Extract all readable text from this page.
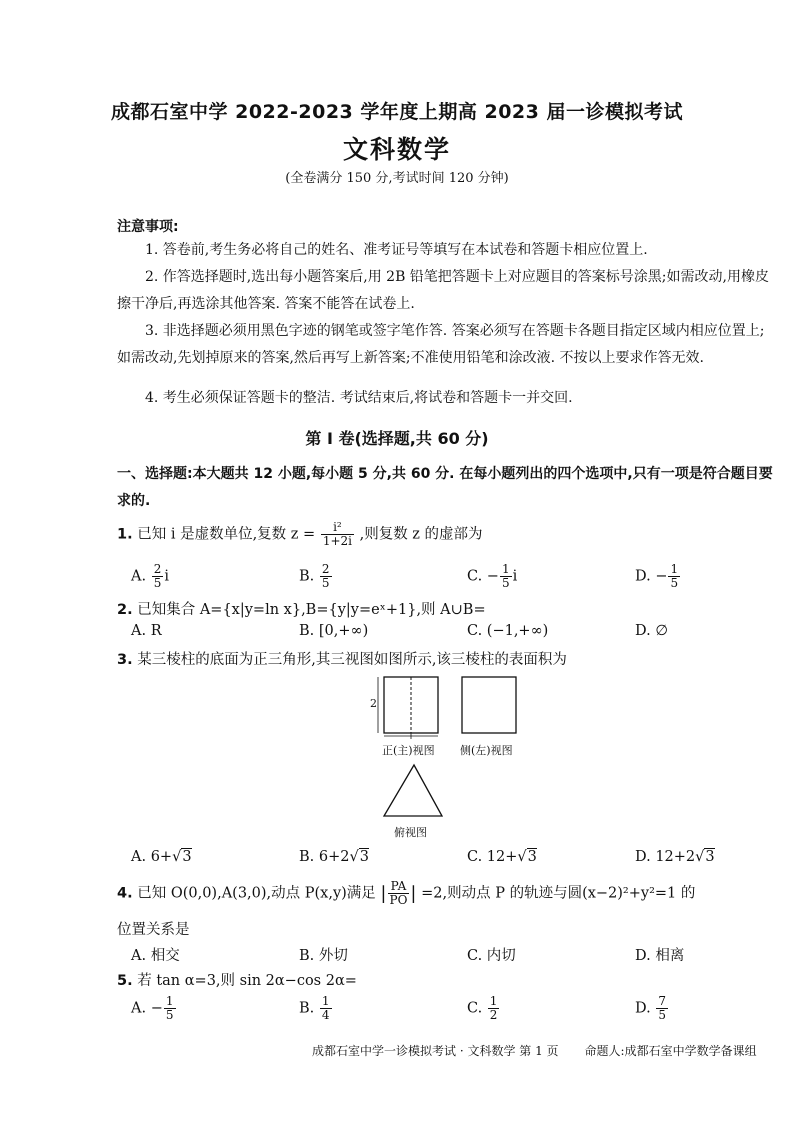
成都石室中学 2022-2023 学年度上期高 2023 届一诊模拟考试
文科数学
(全卷满分 150 分,考试时间 120 分钟)
注意事项:
1. 答卷前,考生务必将自己的姓名、准考证号等填写在本试卷和答题卡相应位置上.
2. 作答选择题时,选出每小题答案后,用 2B 铅笔把答题卡上对应题目的答案标号涂黑;如需改动,用橡皮擦干净后,再选涂其他答案. 答案不能答在试卷上.
3. 非选择题必须用黑色字迹的钢笔或签字笔作答. 答案必须写在答题卡各题目指定区域内相应位置上;如需改动,先划掉原来的答案,然后再写上新答案;不准使用铅笔和涂改液. 不按以上要求作答无效.
4. 考生必须保证答题卡的整洁. 考试结束后,将试卷和答题卡一并交回.
第 I 卷(选择题,共 60 分)
一、选择题:本大题共 12 小题,每小题 5 分,共 60 分. 在每小题列出的四个选项中,只有一项是符合题目要求的.
1. 已知 i 是虚数单位,复数 $z = \frac{\text{i²}}{1+2i}$ ,则复数 z 的虚部为
A. $\frac{2}{5}$ i	B. $\frac{2}{5}$	C. − $\frac{1}{5}$ i	D. − $\frac{1}{5}$
2. 已知集合 A={x|y=ln x},B={y|y=eˣ+1},则 A∪B=
A. R	B. [0,+∞)	C. (−1,+∞)	D. ∅
3. 某三棱柱的底面为正三角形,其三视图如图所示,该三棱柱的表面积为
2
正(主)视图 侧(左)视图
俯视图
A. 6+√3	B. 6+2√3	C. 12+√3	D. 12+2√3
4. 已知 O(0,0),A(3,0),动点 P(x,y)满足 | $\frac{PA}{PO}$ | =2,则动点 P 的轨迹与圆(x−2)²+y²=1 的
位置关系是
A. 相交	B. 外切	C. 内切	D. 相离
5. 若 tan α=3,则 sin 2α−cos 2α=
A. − $\frac{1}{5}$	B. $\frac{1}{4}$	C. $\frac{1}{2}$	D. $\frac{7}{5}$
成都石室中学一诊模拟考试 · 文科数学 第 1 页 命题人:成都石室中学数学备课组
